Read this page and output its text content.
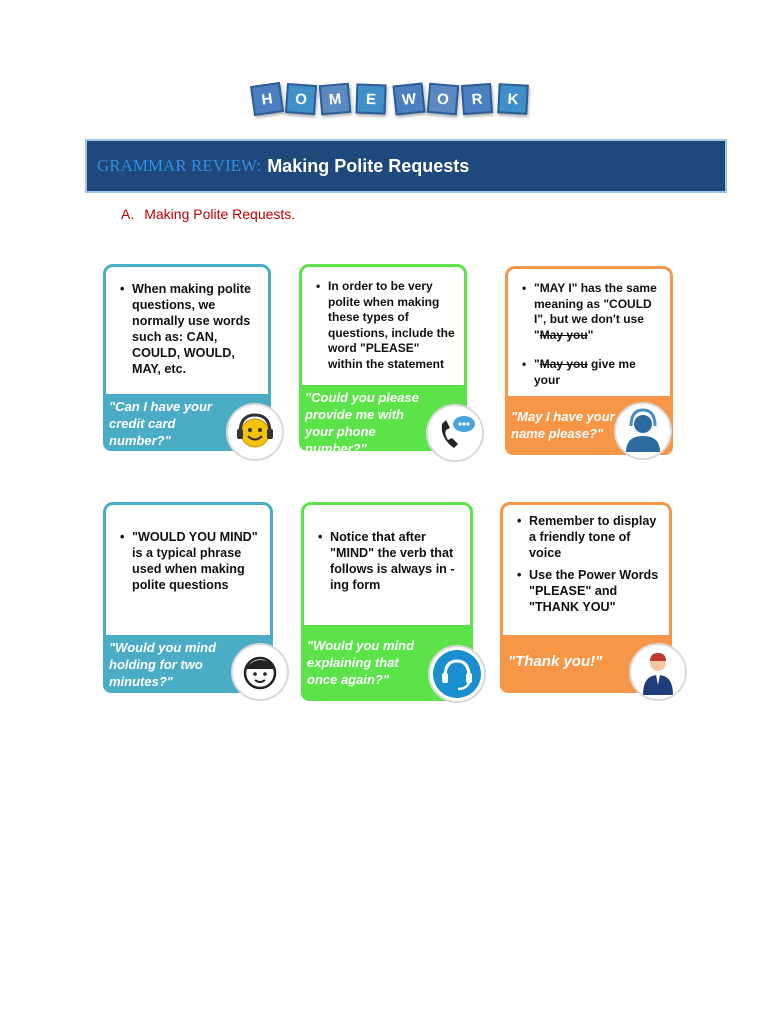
H	O	M	E	W	O	R	K
GRAMMAR REVIEW: Making Polite Requests
A. Making Polite Requests.
• When making polite questions, we normally use words such as: CAN, COULD, WOULD, MAY, etc.
"Can I have your credit card number?"
• In order to be very polite when making these types of questions, include the word "PLEASE" within the statement
"Could you please provide me with your phone number?"
• "MAY I" has the same meaning as "COULD I", but we don't use "May you"
• "May you give me your
"May I have your name please?"
• "WOULD YOU MIND" is a typical phrase used when making polite questions
"Would you mind holding for two minutes?"
• Notice that after "MIND" the verb that follows is always in -ing form
"Would you mind explaining that once again?"
• Remember to display a friendly tone of voice
• Use the Power Words "PLEASE" and "THANK YOU"
"Thank you!"
